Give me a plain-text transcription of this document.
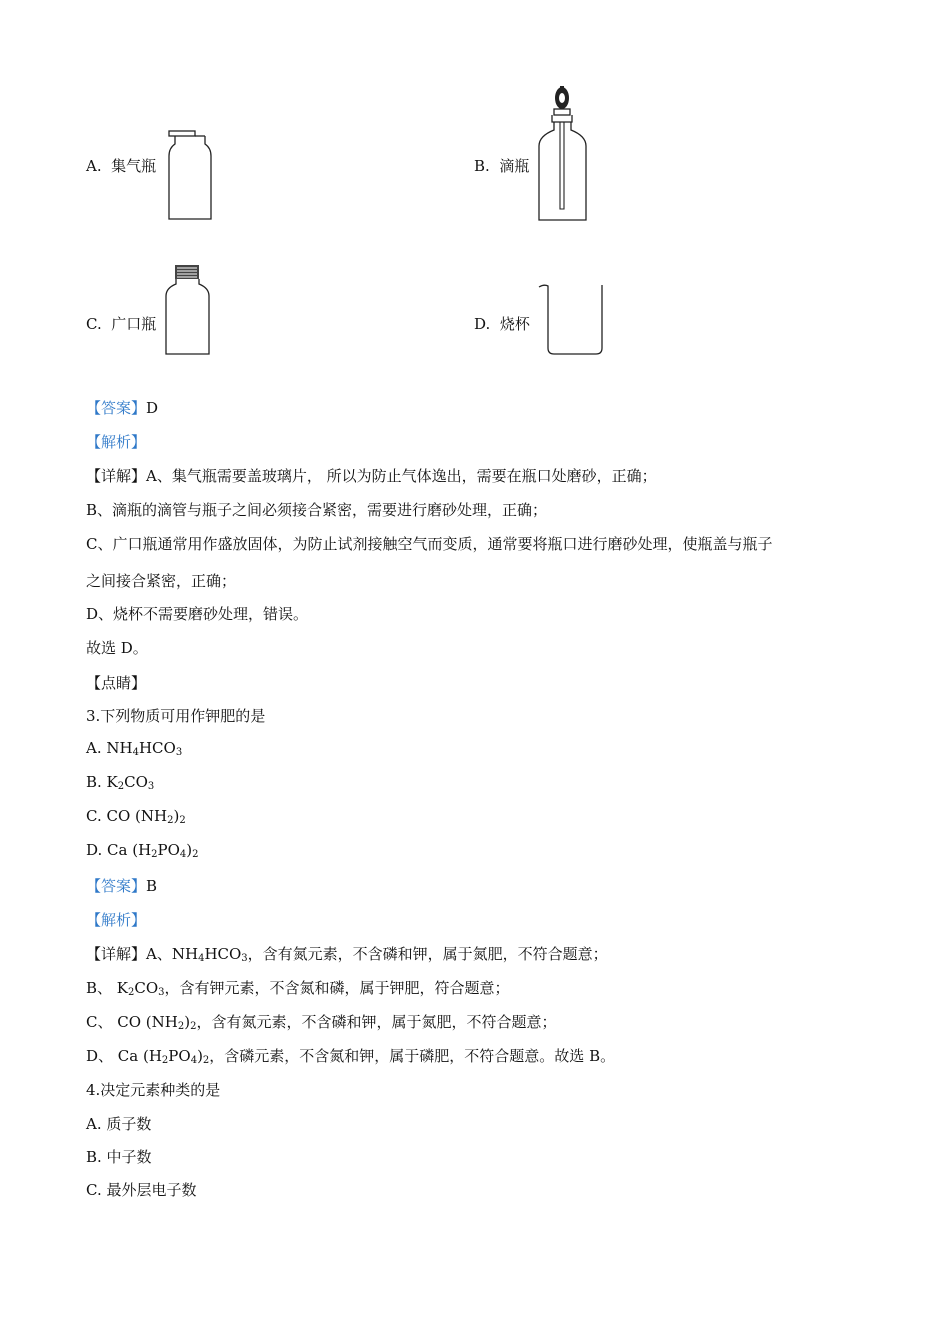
A. 集气瓶	B. 滴瓶
C. 广口瓶	D. 烧杯
【答案】D
【解析】
【详解】A、集气瓶需要盖玻璃片， 所以为防止气体逸出，需要在瓶口处磨砂，正确；
B、滴瓶的滴管与瓶子之间必须接合紧密，需要进行磨砂处理，正确；
C、广口瓶通常用作盛放固体，为防止试剂接触空气而变质，通常要将瓶口进行磨砂处理，使瓶盖与瓶子
之间接合紧密，正确；
D、烧杯不需要磨砂处理，错误。
故选 D。
【点睛】
3.下列物质可用作钾肥的是
A. $NH_4HCO_3$
B. $K_2CO_3$
C. CO $(NH_2)_2$
D. Ca $(H_2PO_4)_2$
【答案】B
【解析】
【详解】A、$NH_4HCO_3$，含有氮元素，不含磷和钾，属于氮肥，不符合题意；
B、 $K_2CO_3$，含有钾元素，不含氮和磷，属于钾肥，符合题意；
C、 CO $(NH_2)_2$，含有氮元素，不含磷和钾，属于氮肥，不符合题意；
D、 Ca $(H_2PO_4)_2$，含磷元素，不含氮和钾，属于磷肥，不符合题意。故选 B。
4.决定元素种类的是
A. 质子数
B. 中子数
C. 最外层电子数
